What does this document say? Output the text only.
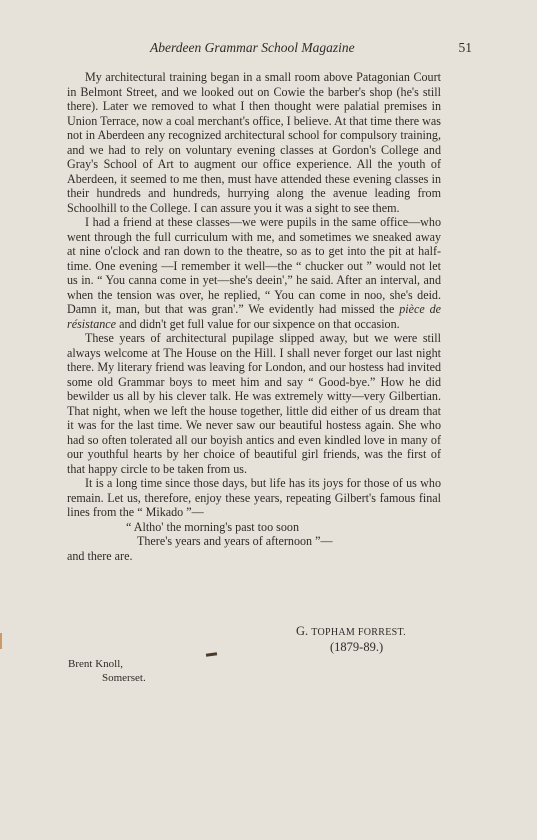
Aberdeen Grammar School Magazine	51

My architectural training began in a small room above Patagonian Court in Belmont Street, and we looked out on Cowie the barber's shop (he's still there). Later we removed to what I then thought were palatial premises in Union Terrace, now a coal merchant's office, I believe. At that time there was not in Aberdeen any recognized architectural school for compulsory training, and we had to rely on voluntary evening classes at Gordon's College and Gray's School of Art to augment our office experience. All the youth of Aberdeen, it seemed to me then, must have attended these evening classes in their hundreds and hundreds, hurrying along the avenue leading from Schoolhill to the College. I can assure you it was a sight to see them.

I had a friend at these classes—we were pupils in the same office—who went through the full curriculum with me, and sometimes we sneaked away at nine o'clock and ran down to the theatre, so as to get into the pit at half-time. One evening —I remember it well—the “ chucker out ” would not let us in. “ You canna come in yet—she's deein',” he said. After an interval, and when the tension was over, he replied, “ You can come in noo, she's deid. Damn it, man, but that was gran'.” We evidently had missed the pièce de résistance and didn't get full value for our sixpence on that occasion.

These years of architectural pupilage slipped away, but we were still always welcome at The House on the Hill. I shall never forget our last night there. My literary friend was leaving for London, and our hostess had invited some old Grammar boys to meet him and say “ Good-bye.” How he did bewilder us all by his clever talk. He was extremely witty—very Gilbertian. That night, when we left the house together, little did either of us dream that it was for the last time. We never saw our beautiful hostess again. She who had so often tolerated all our boyish antics and even kindled love in many of our youthful hearts by her choice of beautiful girl friends, was the first of that happy circle to be taken from us.

It is a long time since those days, but life has its joys for those of us who remain. Let us, therefore, enjoy these years, repeating Gilbert's famous final lines from the “ Mikado ”—

“ Altho' the morning's past too soon
There's years and years of afternoon ”—
and there are.
G. TOPHAM FORREST.
(1879-89.)
Brent Knoll,
Somerset.
